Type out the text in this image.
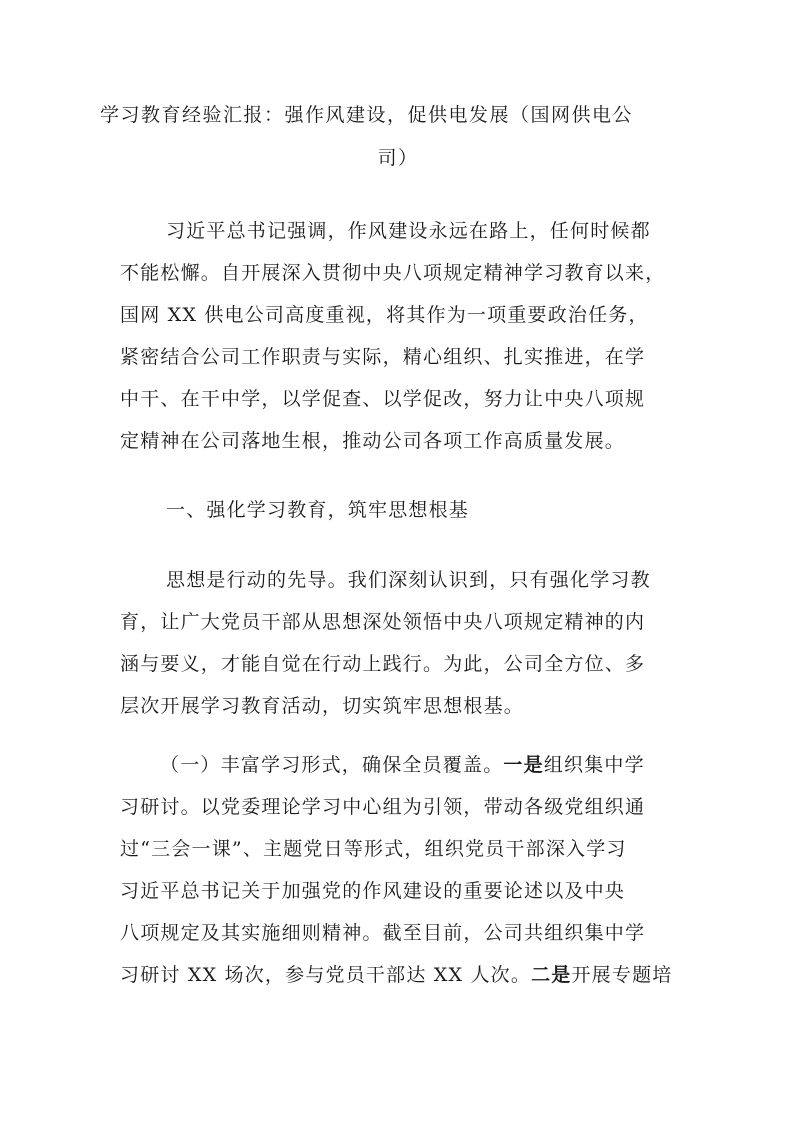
学习教育经验汇报：强作风建设，促供电发展（国网供电公
司）
习近平总书记强调，作风建设永远在路上，任何时候都
不能松懈。自开展深入贯彻中央八项规定精神学习教育以来，
国网 XX 供电公司高度重视，将其作为一项重要政治任务，
紧密结合公司工作职责与实际，精心组织、扎实推进，在学
中干、在干中学，以学促查、以学促改，努力让中央八项规
定精神在公司落地生根，推动公司各项工作高质量发展。
一、强化学习教育，筑牢思想根基
思想是行动的先导。我们深刻认识到，只有强化学习教
育，让广大党员干部从思想深处领悟中央八项规定精神的内
涵与要义，才能自觉在行动上践行。为此，公司全方位、多
层次开展学习教育活动，切实筑牢思想根基。
（一）丰富学习形式，确保全员覆盖。一是组织集中学
习研讨。以党委理论学习中心组为引领，带动各级党组织通
过“三会一课”、主题党日等形式，组织党员干部深入学习
习近平总书记关于加强党的作风建设的重要论述以及中央
八项规定及其实施细则精神。截至目前，公司共组织集中学
习研讨 XX 场次，参与党员干部达 XX 人次。二是开展专题培
